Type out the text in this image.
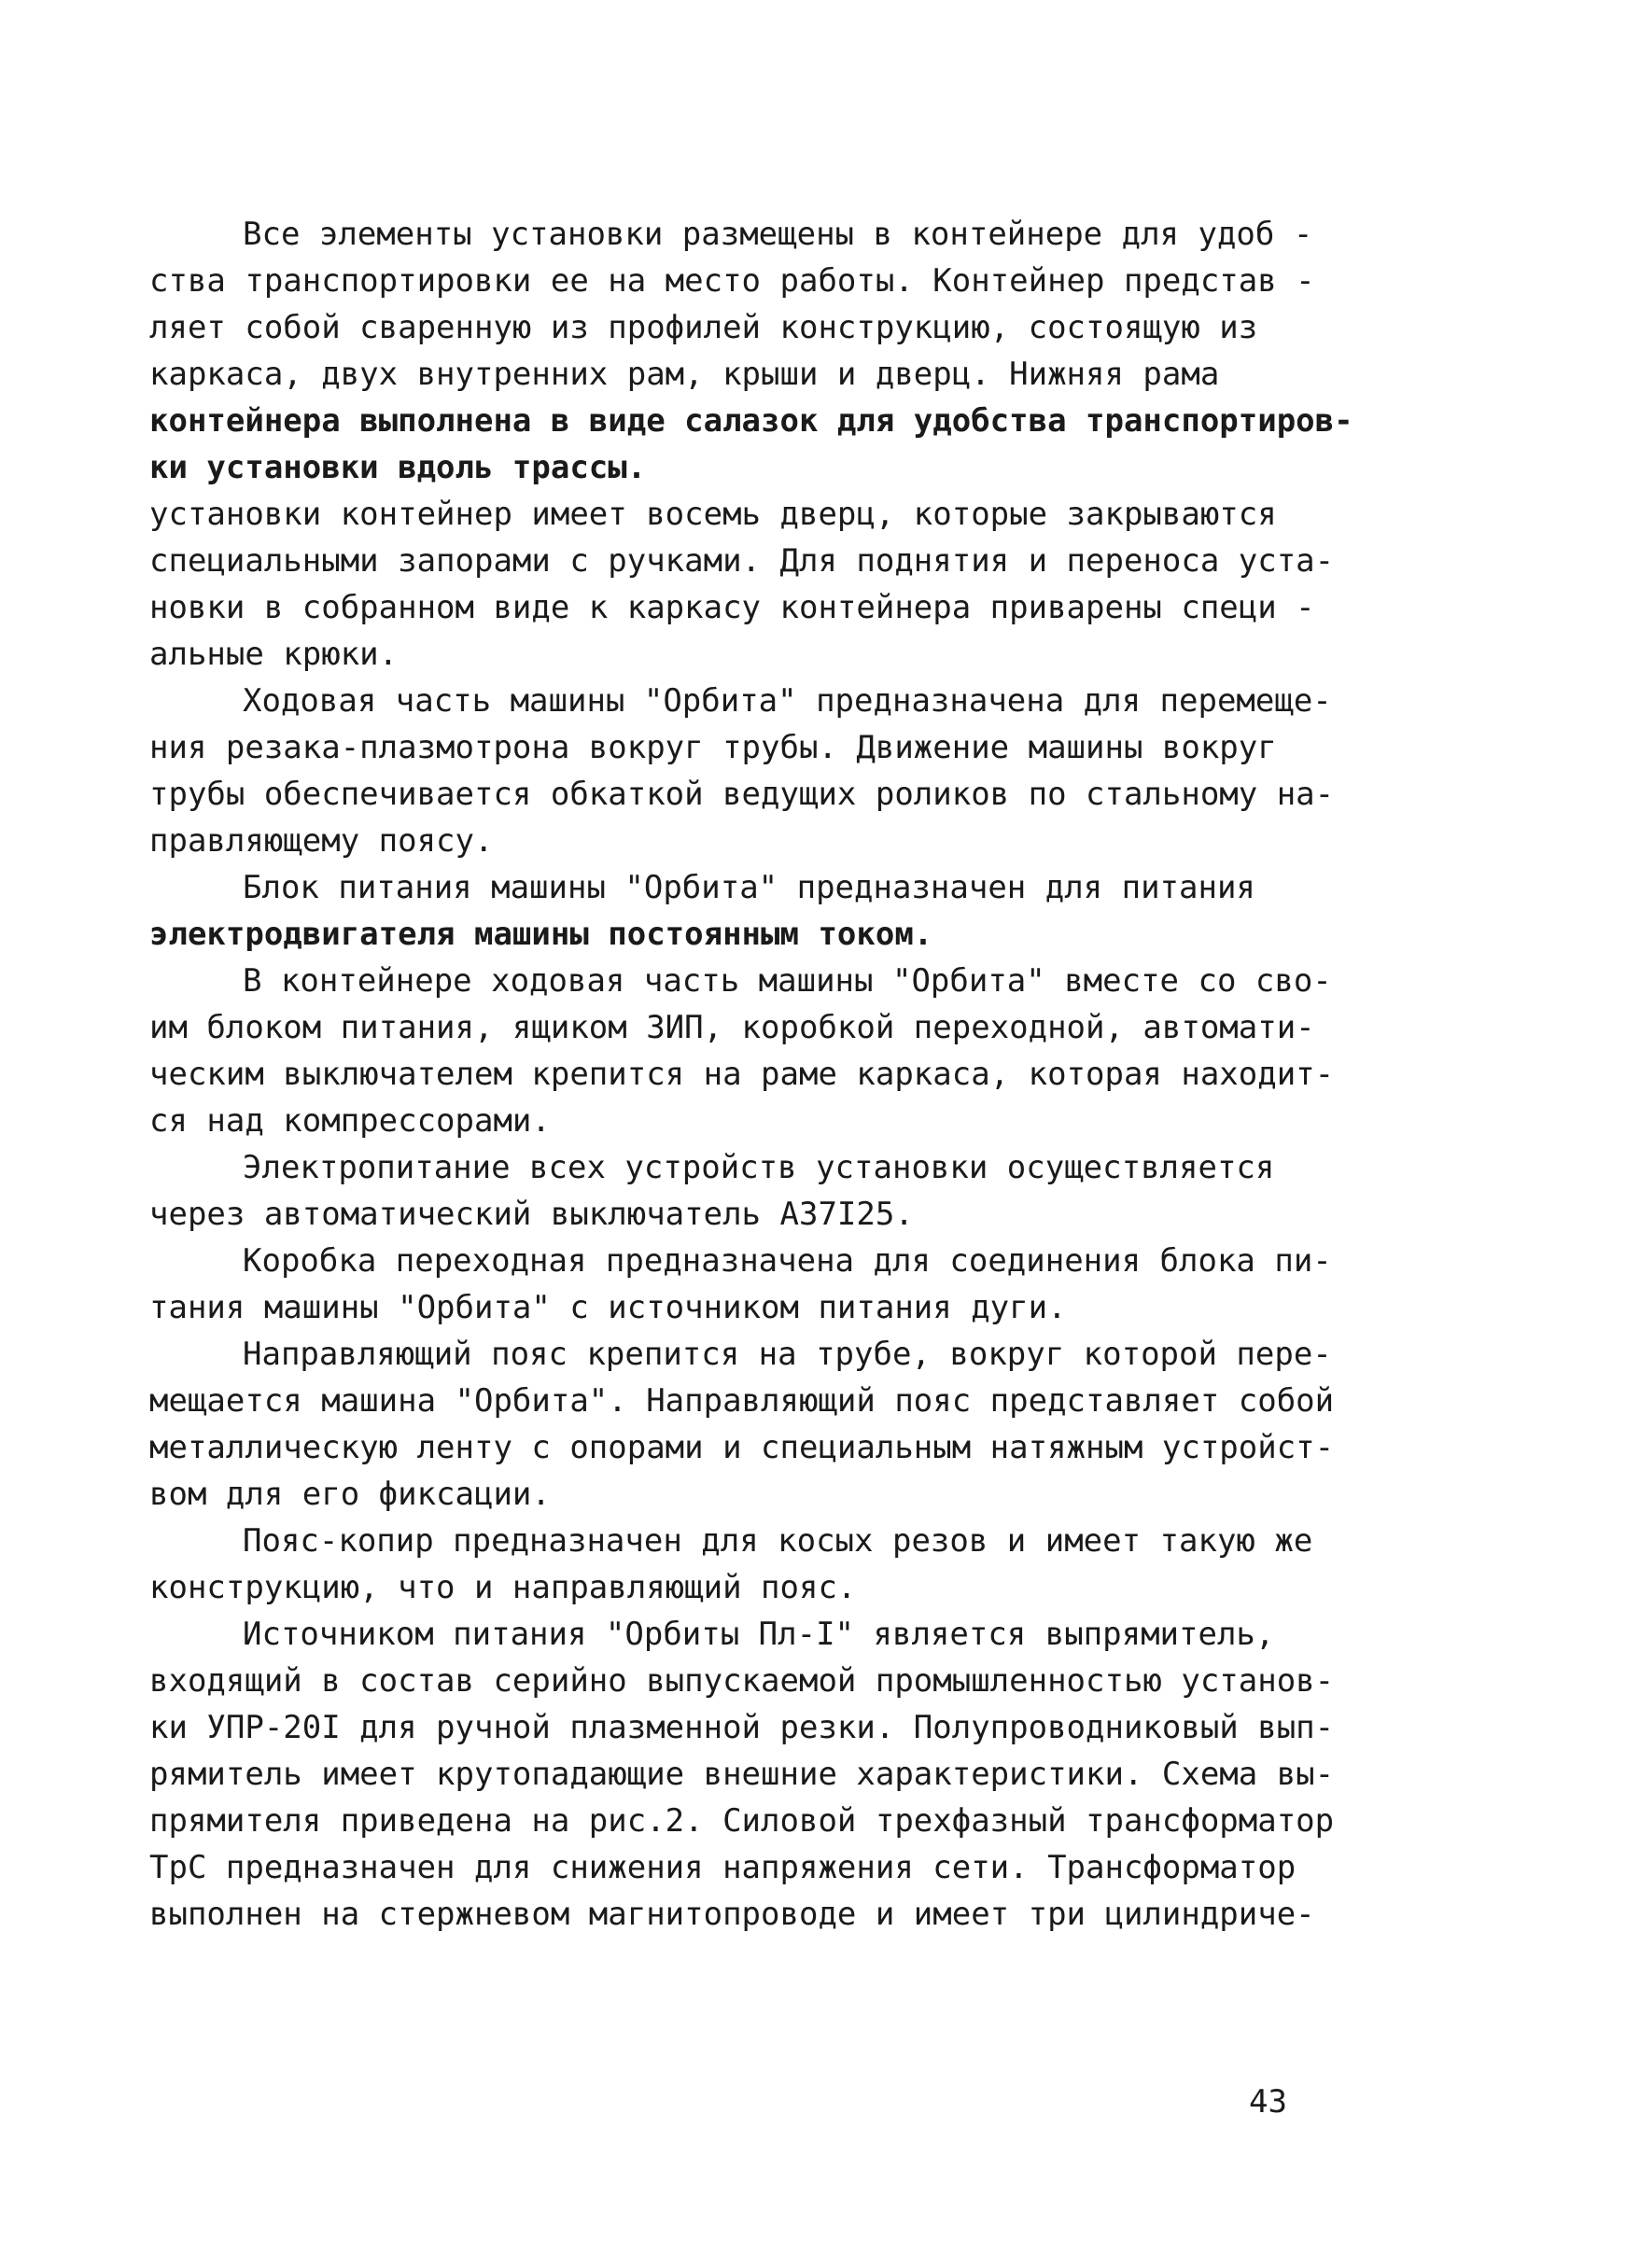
Все элементы установки размещены в контейнере для удоб -
ства транспортировки ее на место работы. Контейнер представ -
ляет собой сваренную из профилей конструкцию, состоящую из
каркаса, двух внутренних рам, крыши и дверц. Нижняя рама
контейнера выполнена в виде салазок для удобства транспортиров-
ки установки вдоль трассы.
установки контейнер имеет восемь дверц, которые закрываются
специальными запорами с ручками. Для поднятия и переноса уста-
новки в собранном виде к каркасу контейнера приварены специ -
альные крюки.
Ходовая часть машины "Орбита" предназначена для перемеще-
ния резака-плазмотрона вокруг трубы. Движение машины вокруг
трубы обеспечивается обкаткой ведущих роликов по стальному на-
правляющему поясу.
Блок питания машины "Орбита" предназначен для питания
электродвигателя машины постоянным током.
В контейнере ходовая часть машины "Орбита" вместе со сво-
им блоком питания, ящиком ЗИП, коробкой переходной, автомати-
ческим выключателем крепится на раме каркаса, которая находит-
ся над компрессорами.
Электропитание всех устройств установки осуществляется
через автоматический выключатель А37I25.
Коробка переходная предназначена для соединения блока пи-
тания машины "Орбита" с источником питания дуги.
Направляющий пояс крепится на трубе, вокруг которой пере-
мещается машина "Орбита". Направляющий пояс представляет собой
металлическую ленту с опорами и специальным натяжным устройст-
вом для его фиксации.
Пояс-копир предназначен для косых резов и имеет такую же
конструкцию, что и направляющий пояс.
Источником питания "Орбиты Пл-I" является выпрямитель,
входящий в состав серийно выпускаемой промышленностью установ-
ки УПР-20I для ручной плазменной резки. Полупроводниковый вып-
рямитель имеет крутопадающие внешние характеристики. Схема вы-
прямителя приведена на рис.2. Силовой трехфазный трансформатор
ТрС предназначен для снижения напряжения сети. Трансформатор
выполнен на стержневом магнитопроводе и имеет три цилиндриче-
43
